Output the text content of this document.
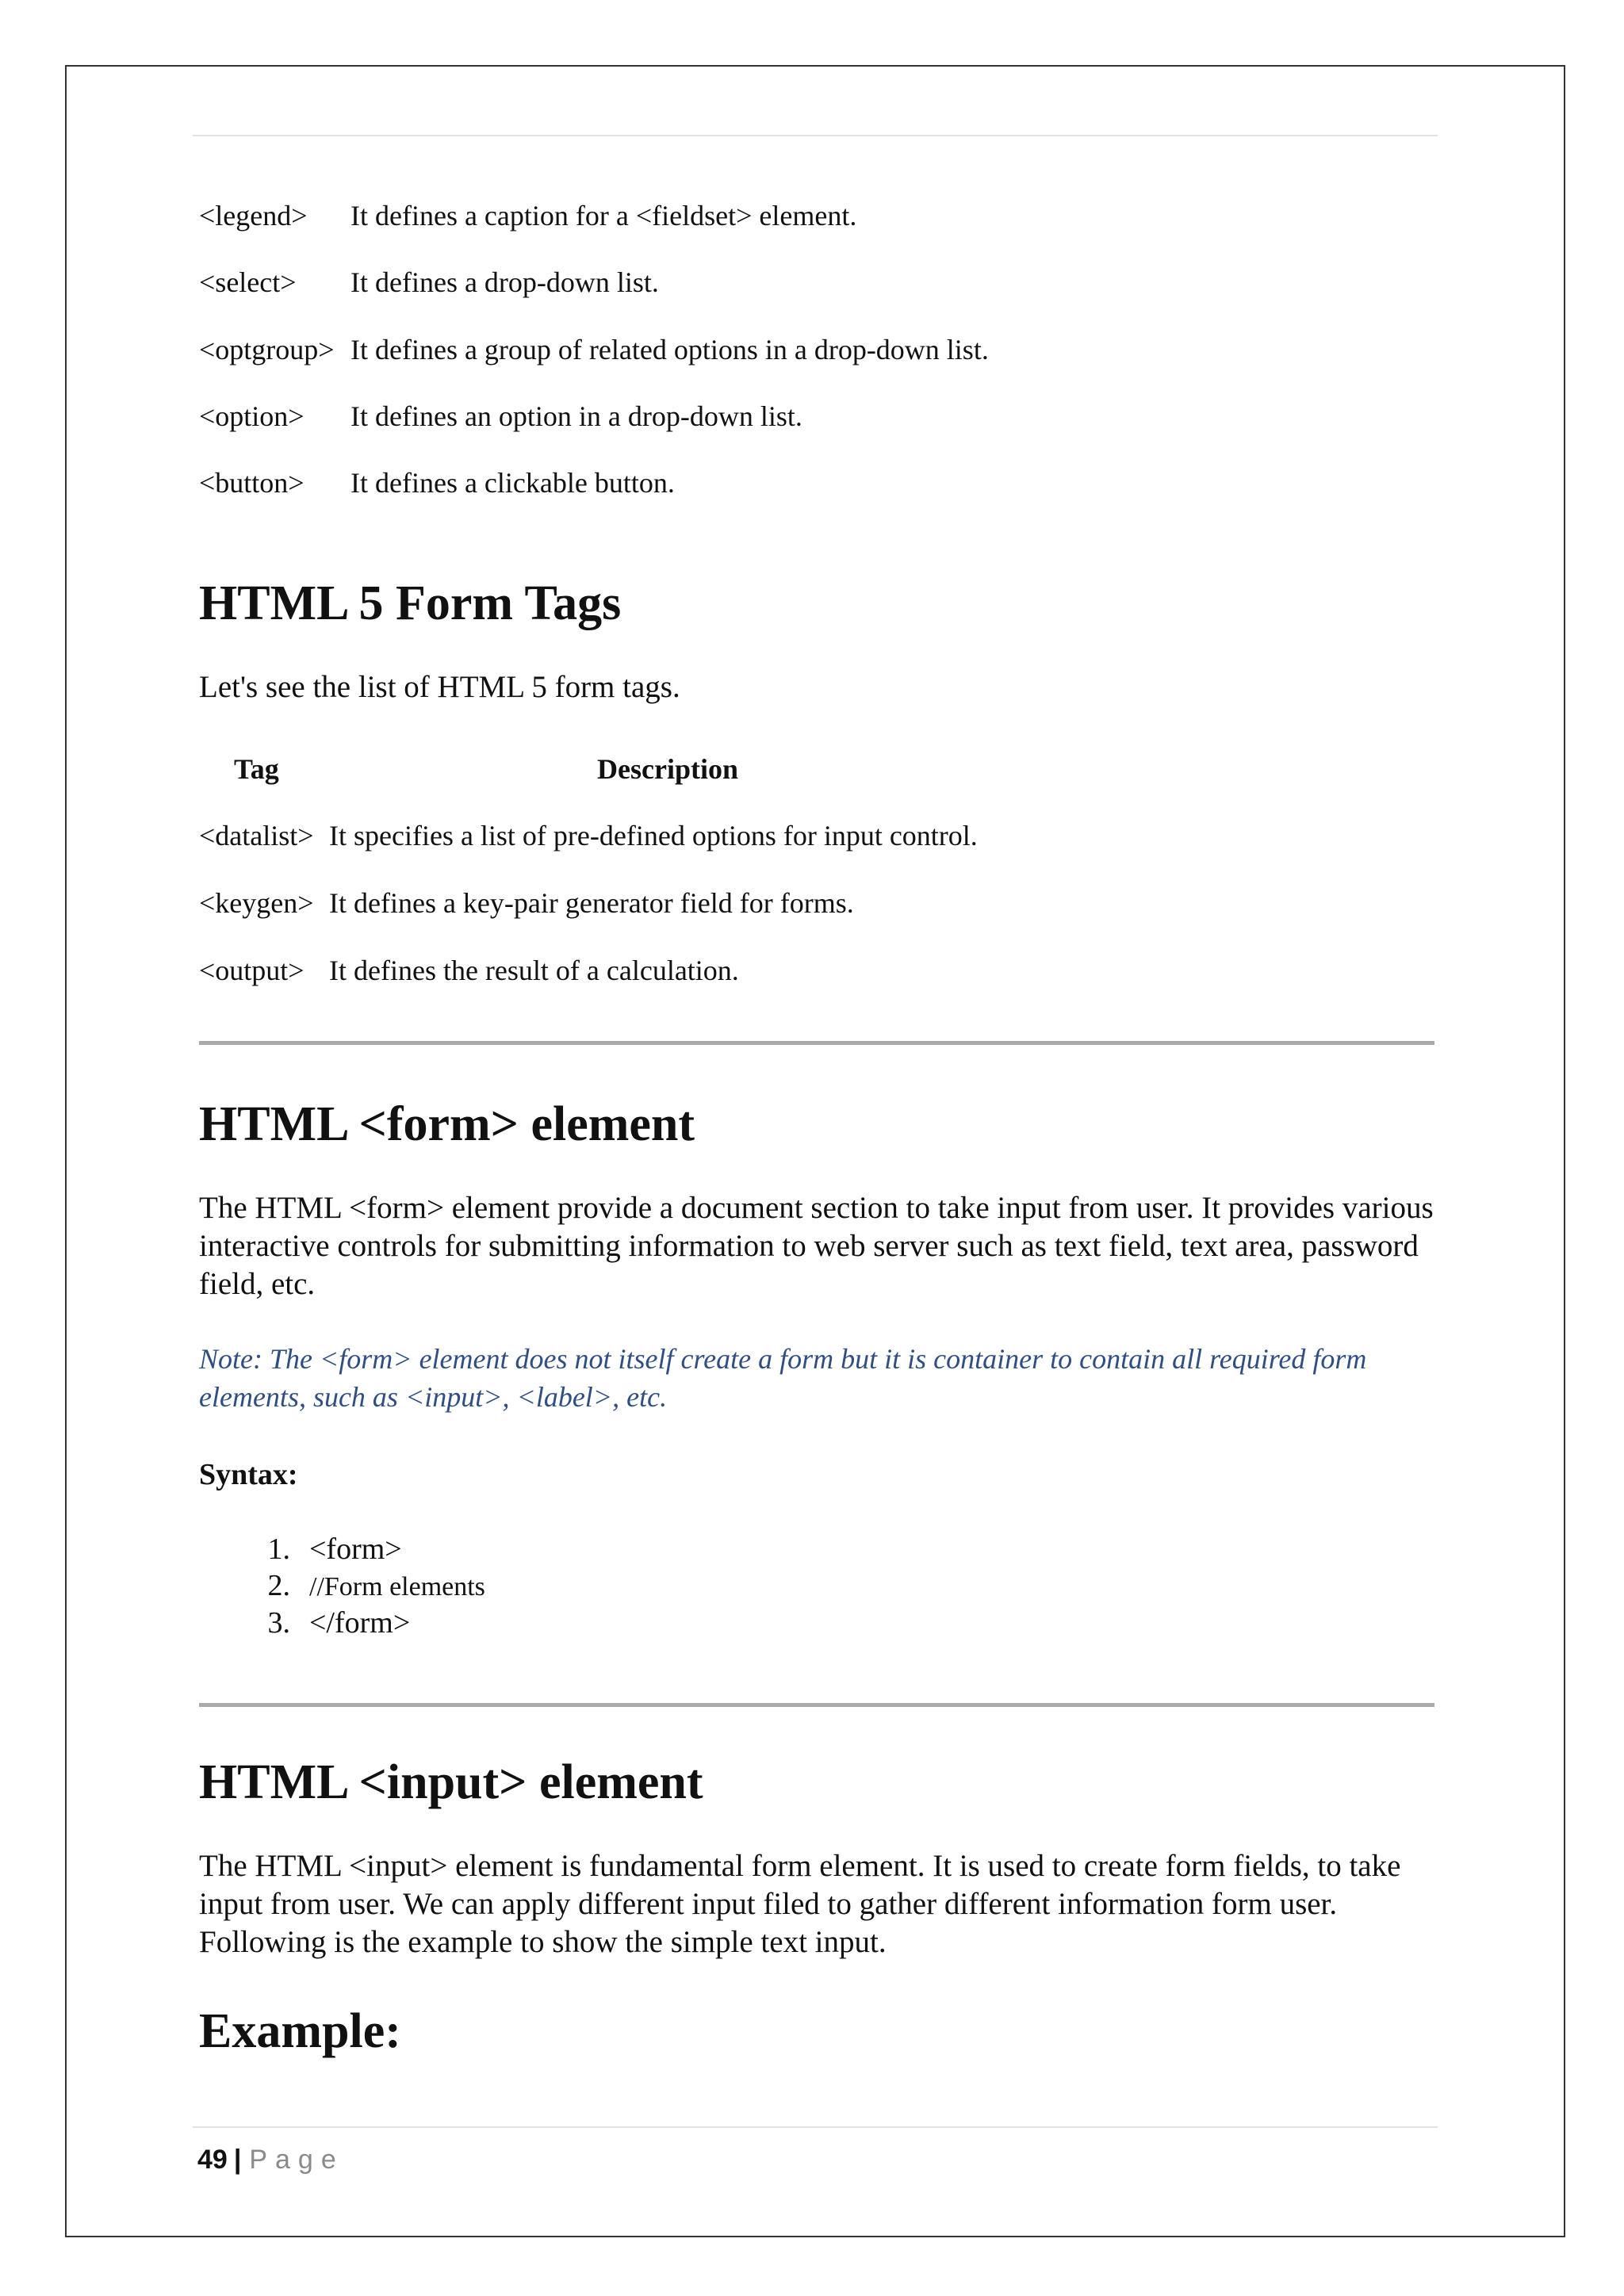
<legend> It defines a caption for a <fieldset> element.
<select> It defines a drop-down list.
<optgroup> It defines a group of related options in a drop-down list.
<option> It defines an option in a drop-down list.
<button> It defines a clickable button.
HTML 5 Form Tags
Let's see the list of HTML 5 form tags.
Tag	Description
<datalist> It specifies a list of pre-defined options for input control.
<keygen> It defines a key-pair generator field for forms.
<output> It defines the result of a calculation.
HTML <form> element

The HTML <form> element provide a document section to take input from user. It provides various interactive controls for submitting information to web server such as text field, text area, password field, etc.

Note: The <form> element does not itself create a form but it is container to contain all required form elements, such as <input>, <label>, etc.

Syntax:
1. <form>
2. //Form elements
3. </form>
HTML <input> element

The HTML <input> element is fundamental form element. It is used to create form fields, to take input from user. We can apply different input filed to gather different information form user. Following is the example to show the simple text input.

Example:
49 | Page
